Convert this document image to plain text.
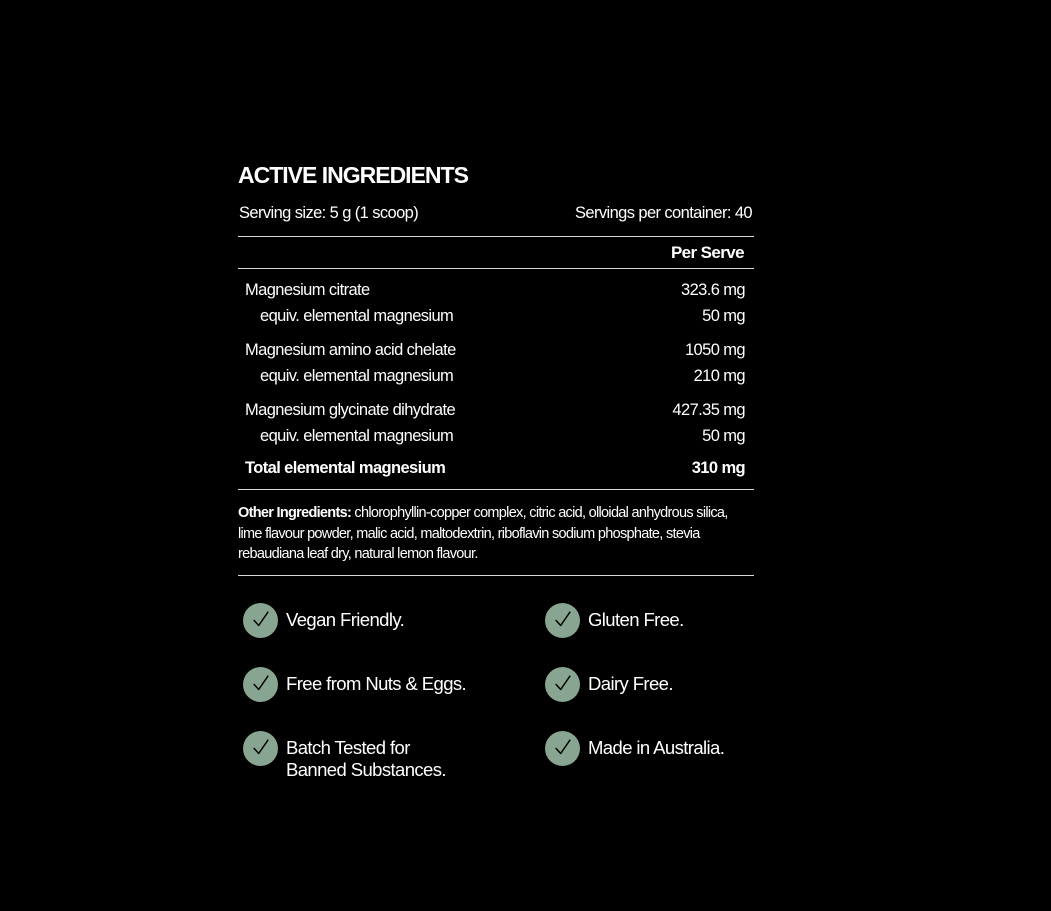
ACTIVE INGREDIENTS
Serving size: 5 g (1 scoop)	Servings per container: 40
Per Serve
Magnesium citrate	323.6 mg
equiv. elemental magnesium	50 mg
Magnesium amino acid chelate	1050 mg
equiv. elemental magnesium	210 mg
Magnesium glycinate dihydrate	427.35 mg
equiv. elemental magnesium	50 mg
Total elemental magnesium	310 mg

Other Ingredients: chlorophyllin-copper complex, citric acid, olloidal anhydrous silica, lime flavour powder, malic acid, maltodextrin, riboflavin sodium phosphate, stevia rebaudiana leaf dry, natural lemon flavour.

Vegan Friendly.	Gluten Free.
Free from Nuts & Eggs.	Dairy Free.
Batch Tested for
Banned Substances.
Made in Australia.
